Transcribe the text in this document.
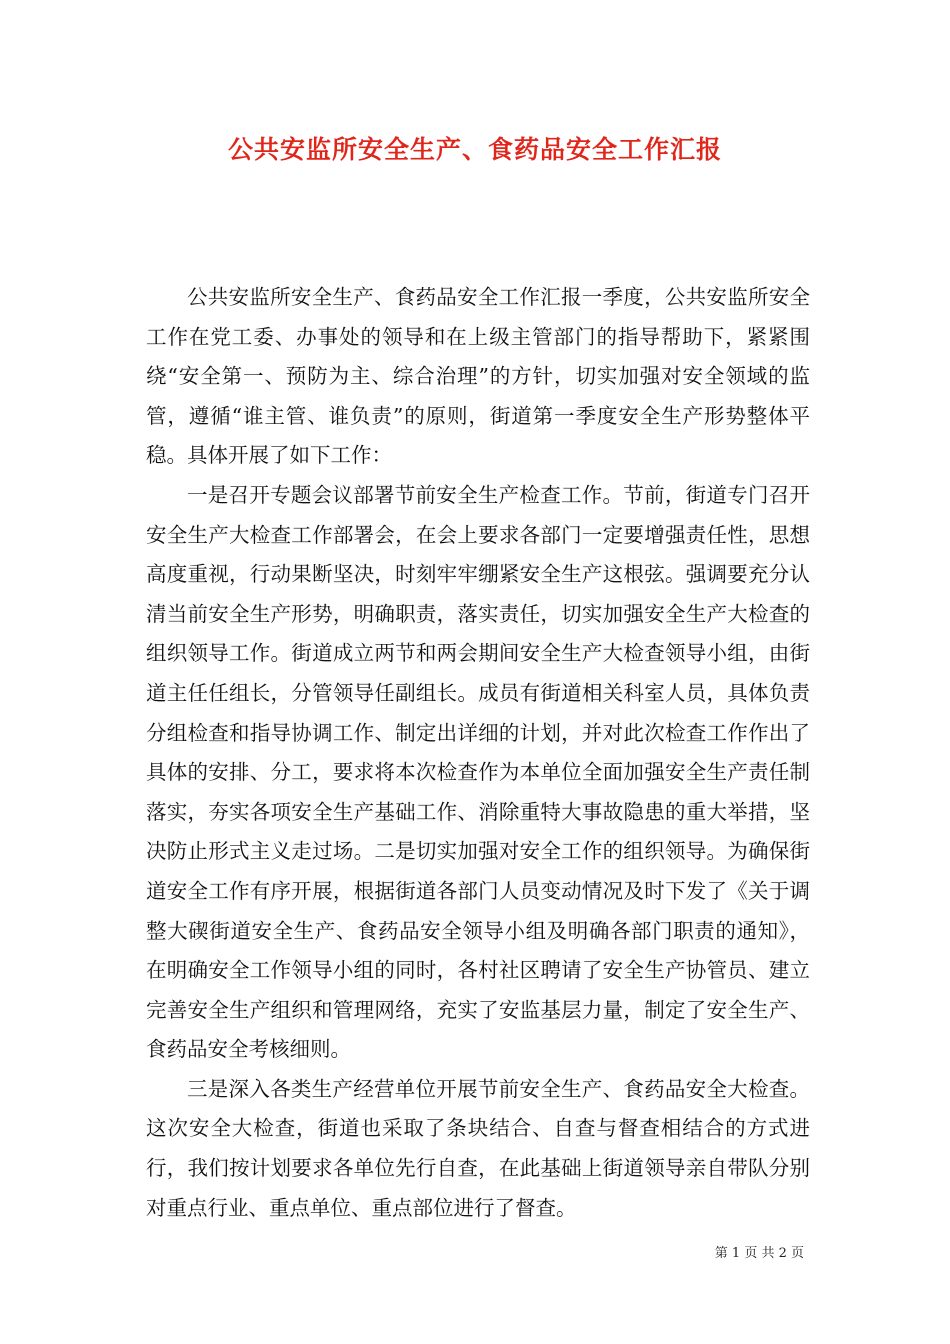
公共安监所安全生产、食药品安全工作汇报

公共安监所安全生产、食药品安全工作汇报一季度，公共安监所安全工作在党工委、办事处的领导和在上级主管部门的指导帮助下，紧紧围绕“安全第一、预防为主、综合治理”的方针，切实加强对安全领域的监管，遵循“谁主管、谁负责”的原则，街道第一季度安全生产形势整体平稳。具体开展了如下工作：

一是召开专题会议部署节前安全生产检查工作。节前，街道专门召开安全生产大检查工作部署会，在会上要求各部门一定要增强责任性，思想高度重视，行动果断坚决，时刻牢牢绷紧安全生产这根弦。强调要充分认清当前安全生产形势，明确职责，落实责任，切实加强安全生产大检查的组织领导工作。街道成立两节和两会期间安全生产大检查领导小组，由街道主任任组长，分管领导任副组长。成员有街道相关科室人员，具体负责分组检查和指导协调工作、制定出详细的计划，并对此次检查工作作出了具体的安排、分工，要求将本次检查作为本单位全面加强安全生产责任制落实，夯实各项安全生产基础工作、消除重特大事故隐患的重大举措，坚决防止形式主义走过场。二是切实加强对安全工作的组织领导。为确保街道安全工作有序开展，根据街道各部门人员变动情况及时下发了《关于调整大碶街道安全生产、食药品安全领导小组及明确各部门职责的通知》，在明确安全工作领导小组的同时，各村社区聘请了安全生产协管员、建立完善安全生产组织和管理网络，充实了安监基层力量，制定了安全生产、食药品安全考核细则。

三是深入各类生产经营单位开展节前安全生产、食药品安全大检查。这次安全大检查，街道也采取了条块结合、自查与督查相结合的方式进行，我们按计划要求各单位先行自查，在此基础上街道领导亲自带队分别对重点行业、重点单位、重点部位进行了督查。

第 1 页 共 2 页
